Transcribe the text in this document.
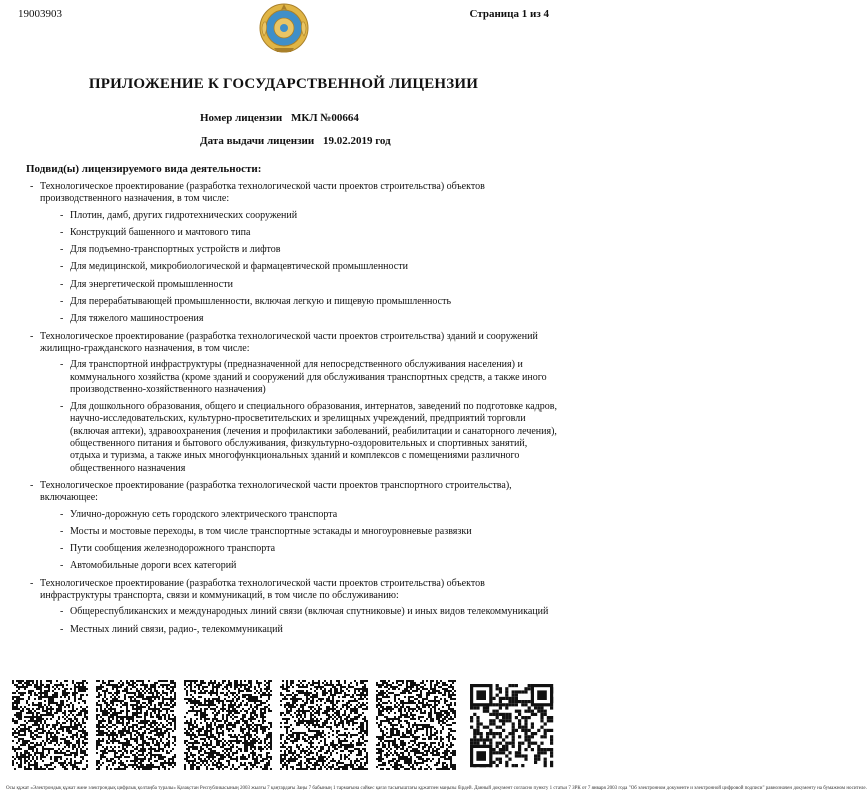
19003903	Страница 1 из 4
ПРИЛОЖЕНИЕ К ГОСУДАРСТВЕННОЙ ЛИЦЕНЗИИ
Номер лицензии МКЛ №00664
Дата выдачи лицензии 19.02.2019 год
Подвид(ы) лицензируемого вида деятельности:
- Технологическое проектирование (разработка технологической части проектов строительства) объектов производственного назначения, в том числе:
- Плотин, дамб, других гидротехнических сооружений
- Конструкций башенного и мачтового типа
- Для подъемно-транспортных устройств и лифтов
- Для медицинской, микробиологической и фармацевтической промышленности
- Для энергетической промышленности
- Для перерабатывающей промышленности, включая легкую и пищевую промышленность
- Для тяжелого машиностроения
- Технологическое проектирование (разработка технологической части проектов строительства) зданий и сооружений жилищно-гражданского назначения, в том числе:
- Для транспортной инфраструктуры (предназначенной для непосредственного обслуживания населения) и коммунального хозяйства (кроме зданий и сооружений для обслуживания транспортных средств, а также иного производственно-хозяйственного назначения)
- Для дошкольного образования, общего и специального образования, интернатов, заведений по подготовке кадров, научно-исследовательских, культурно-просветительских и зрелищных учреждений, предприятий торговли (включая аптеки), здравоохранения (лечения и профилактики заболеваний, реабилитации и санаторного лечения), общественного питания и бытового обслуживания, физкультурно-оздоровительных и спортивных занятий, отдыха и туризма, а также иных многофункциональных зданий и комплексов с помещениями различного общественного назначения
- Технологическое проектирование (разработка технологической части проектов транспортного строительства), включающее:
- Улично-дорожную сеть городского электрического транспорта
- Мосты и мостовые переходы, в том числе транспортные эстакады и многоуровневые развязки
- Пути сообщения железнодорожного транспорта
- Автомобильные дороги всех категорий
- Технологическое проектирование (разработка технологической части проектов строительства) объектов инфраструктуры транспорта, связи и коммуникаций, в том числе по обслуживанию:
- Общереспубликанских и международных линий связи (включая спутниковые) и иных видов телекоммуникаций
- Местных линий связи, радио-, телекоммуникаций
Осы құжат «Электрондық құжат және электрондық цифрлық қолтаңба туралы» Қазақстан Республикасының 2003 жылғы 7 қаңтардағы Заңы 7 бабының 1 тармағына сәйкес қағаз тасығыштағы құжатпен маңызы бірдей. Данный документ согласно пункту 1 статьи 7 ЗРК от 7 января 2003 года "Об электронном документе и электронной цифровой подписи" равнозначен документу на бумажном носителе.
